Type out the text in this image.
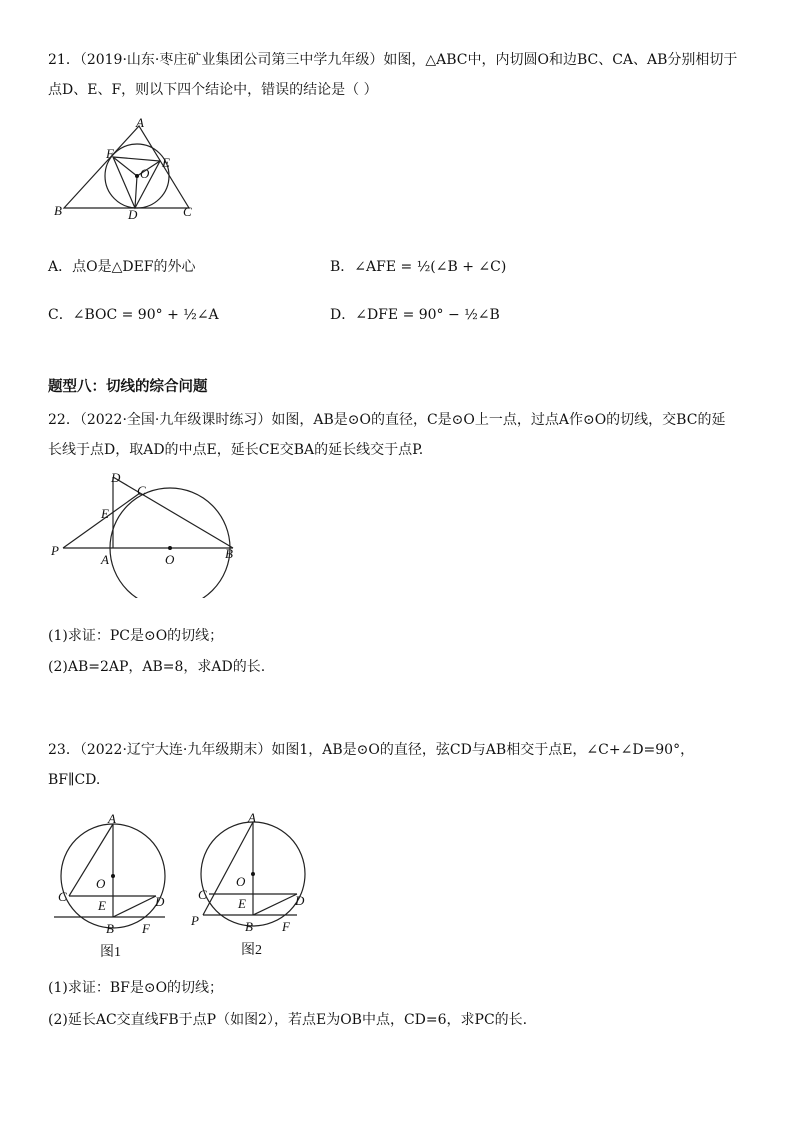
21．（2019·山东·枣庄矿业集团公司第三中学九年级）如图，△ABC中，内切圆O和边BC、CA、AB分别相切于
点D、E、F，则以下四个结论中，错误的结论是（ ）
A
B	C
D
E
F
O
A．点O是△DEF的外心	B．∠AFE = ½(∠B + ∠C)
C．∠BOC = 90° + ½∠A	D．∠DFE = 90° − ½∠B
题型八：切线的综合问题
22．（2022·全国·九年级课时练习）如图，AB是⊙O的直径，C是⊙O上一点，过点A作⊙O的切线，交BC的延
长线于点D，取AD的中点E，延长CE交BA的延长线交于点P.
D
C
E
P
A	O	B
(1)求证：PC是⊙O的切线；
(2)AB=2AP，AB=8，求AD的长.
23．（2022·辽宁大连·九年级期末）如图1，AB是⊙O的直径，弦CD与AB相交于点E，∠C+∠D=90°，
BF∥CD.
A
O
C
E	D
B F
图1
A
O
C
E	D
P	B F
图2
(1)求证：BF是⊙O的切线；
(2)延长AC交直线FB于点P（如图2），若点E为OB中点，CD=6，求PC的长.
